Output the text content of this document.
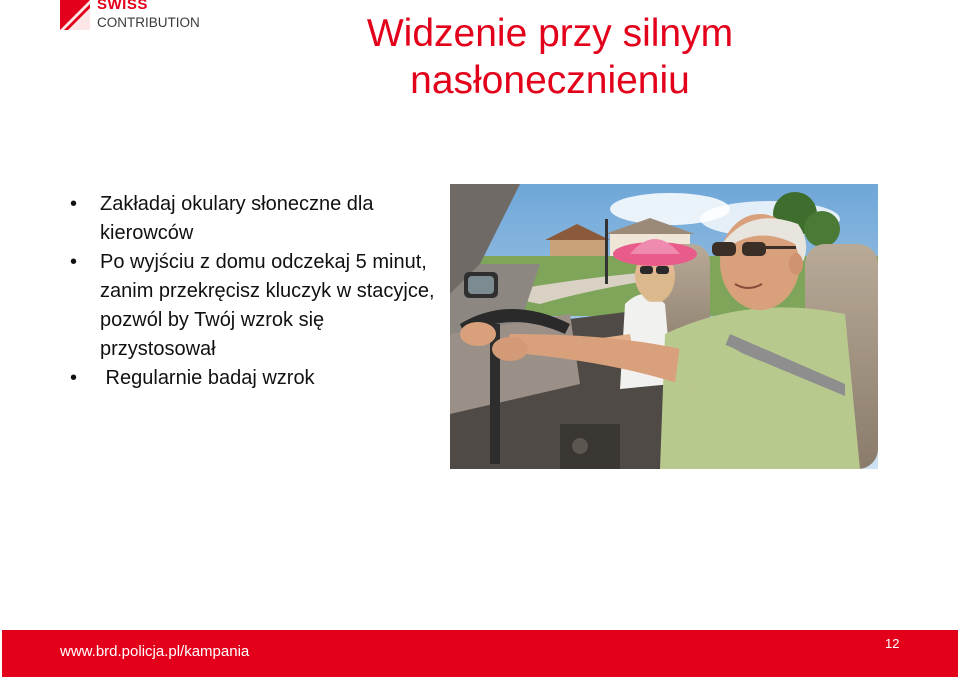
SWISS
CONTRIBUTION	Widzenie przy silnym nasłonecznieniu
• Zakładaj okulary słoneczne dla kierowców
• Po wyjściu z domu odczekaj 5 minut, zanim przekręcisz kluczyk w stacyjce, pozwól by Twój wzrok się przystosował
• Regularnie badaj wzrok
www.brd.policja.pl/kampania	12
